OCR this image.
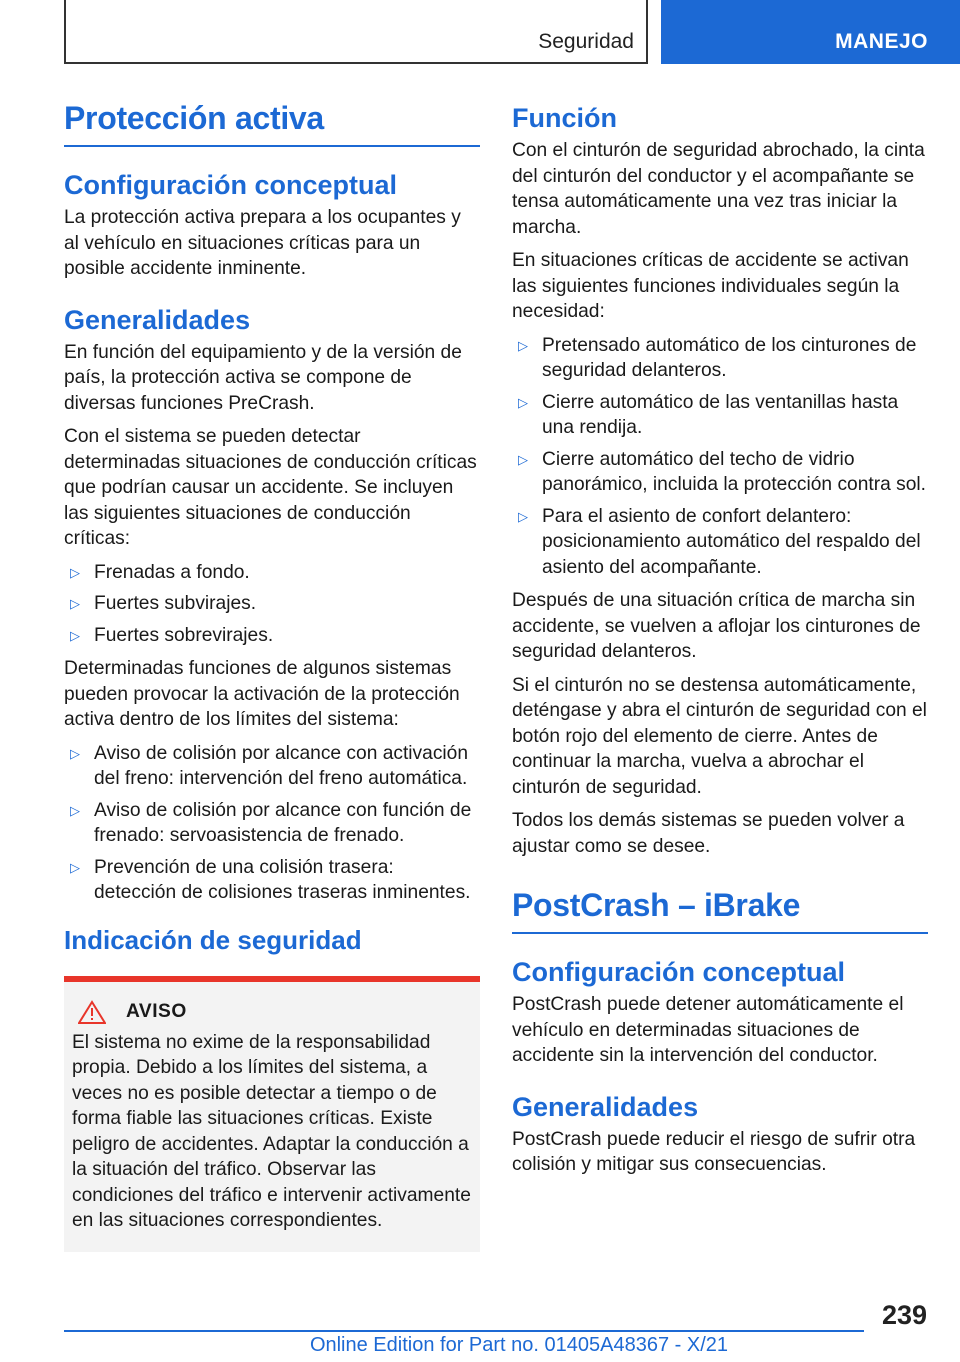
Seguridad	MANEJO
Protección activa
Configuración conceptual

La protección activa prepara a los ocupantes y al vehículo en situaciones críticas para un posible accidente inminente.

Generalidades

En función del equipamiento y de la versión de país, la protección activa se compone de diversas funciones PreCrash.

Con el sistema se pueden detectar determinadas situaciones de conducción críticas que podrían causar un accidente. Se incluyen las siguientes situaciones de conducción críticas:

▷ Frenadas a fondo.
▷ Fuertes subvirajes.
▷ Fuertes sobrevirajes.

Determinadas funciones de algunos sistemas pueden provocar la activación de la protección activa dentro de los límites del sistema:

▷ Aviso de colisión por alcance con activación del freno: intervención del freno automática.
▷ Aviso de colisión por alcance con función de frenado: servoasistencia de frenado.
▷ Prevención de una colisión trasera: detección de colisiones traseras inminentes.
Indicación de seguridad
AVISO

El sistema no exime de la responsabilidad propia. Debido a los límites del sistema, a veces no es posible detectar a tiempo o de forma fiable las situaciones críticas. Existe peligro de accidentes. Adaptar la conducción a la situación del tráfico. Observar las condiciones del tráfico e intervenir activamente en las situaciones correspondientes.

Función

Con el cinturón de seguridad abrochado, la cinta del cinturón del conductor y el acompañante se tensa automáticamente una vez tras iniciar la marcha.

En situaciones críticas de accidente se activan las siguientes funciones individuales según la necesidad:

▷ Pretensado automático de los cinturones de seguridad delanteros.
▷ Cierre automático de las ventanillas hasta una rendija.
▷ Cierre automático del techo de vidrio panorámico, incluida la protección contra sol.
▷ Para el asiento de confort delantero: posicionamiento automático del respaldo del asiento del acompañante.

Después de una situación crítica de marcha sin accidente, se vuelven a aflojar los cinturones de seguridad delanteros.

Si el cinturón no se destensa automáticamente, deténgase y abra el cinturón de seguridad con el botón rojo del elemento de cierre. Antes de continuar la marcha, vuelva a abrochar el cinturón de seguridad.

Todos los demás sistemas se pueden volver a ajustar como se desee.

PostCrash – iBrake
Configuración conceptual

PostCrash puede detener automáticamente el vehículo en determinadas situaciones de accidente sin la intervención del conductor.

Generalidades

PostCrash puede reducir el riesgo de sufrir otra colisión y mitigar sus consecuencias.

239
Online Edition for Part no. 01405A48367 - X/21
